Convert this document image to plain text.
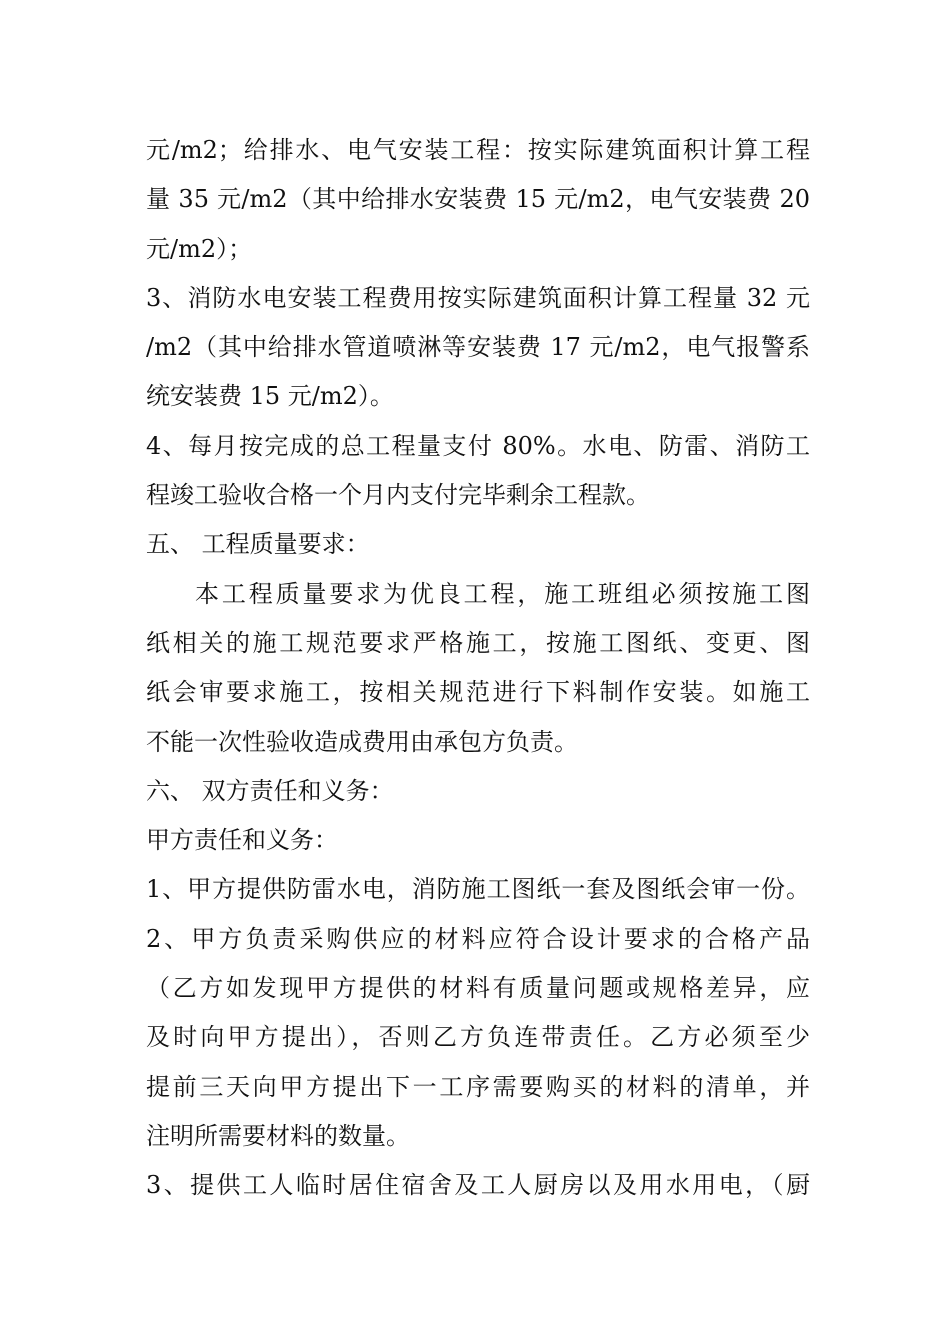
元/m2；给排水、电气安装工程：按实际建筑面积计算工程
量 35 元/m2（其中给排水安装费 15 元/m2，电气安装费 20
元/m2）；
3、消防水电安装工程费用按实际建筑面积计算工程量 32 元
/m2（其中给排水管道喷淋等安装费 17 元/m2，电气报警系
统安装费 15 元/m2）。
4、每月按完成的总工程量支付 80%。水电、防雷、消防工
程竣工验收合格一个月内支付完毕剩余工程款。
五、 工程质量要求：
本工程质量要求为优良工程，施工班组必须按施工图
纸相关的施工规范要求严格施工，按施工图纸、变更、图
纸会审要求施工，按相关规范进行下料制作安装。如施工
不能一次性验收造成费用由承包方负责。
六、 双方责任和义务：
甲方责任和义务：
1、甲方提供防雷水电，消防施工图纸一套及图纸会审一份。
2、甲方负责采购供应的材料应符合设计要求的合格产品
（乙方如发现甲方提供的材料有质量问题或规格差异，应
及时向甲方提出），否则乙方负连带责任。乙方必须至少
提前三天向甲方提出下一工序需要购买的材料的清单，并
注明所需要材料的数量。
3、提供工人临时居住宿舍及工人厨房以及用水用电，（厨
